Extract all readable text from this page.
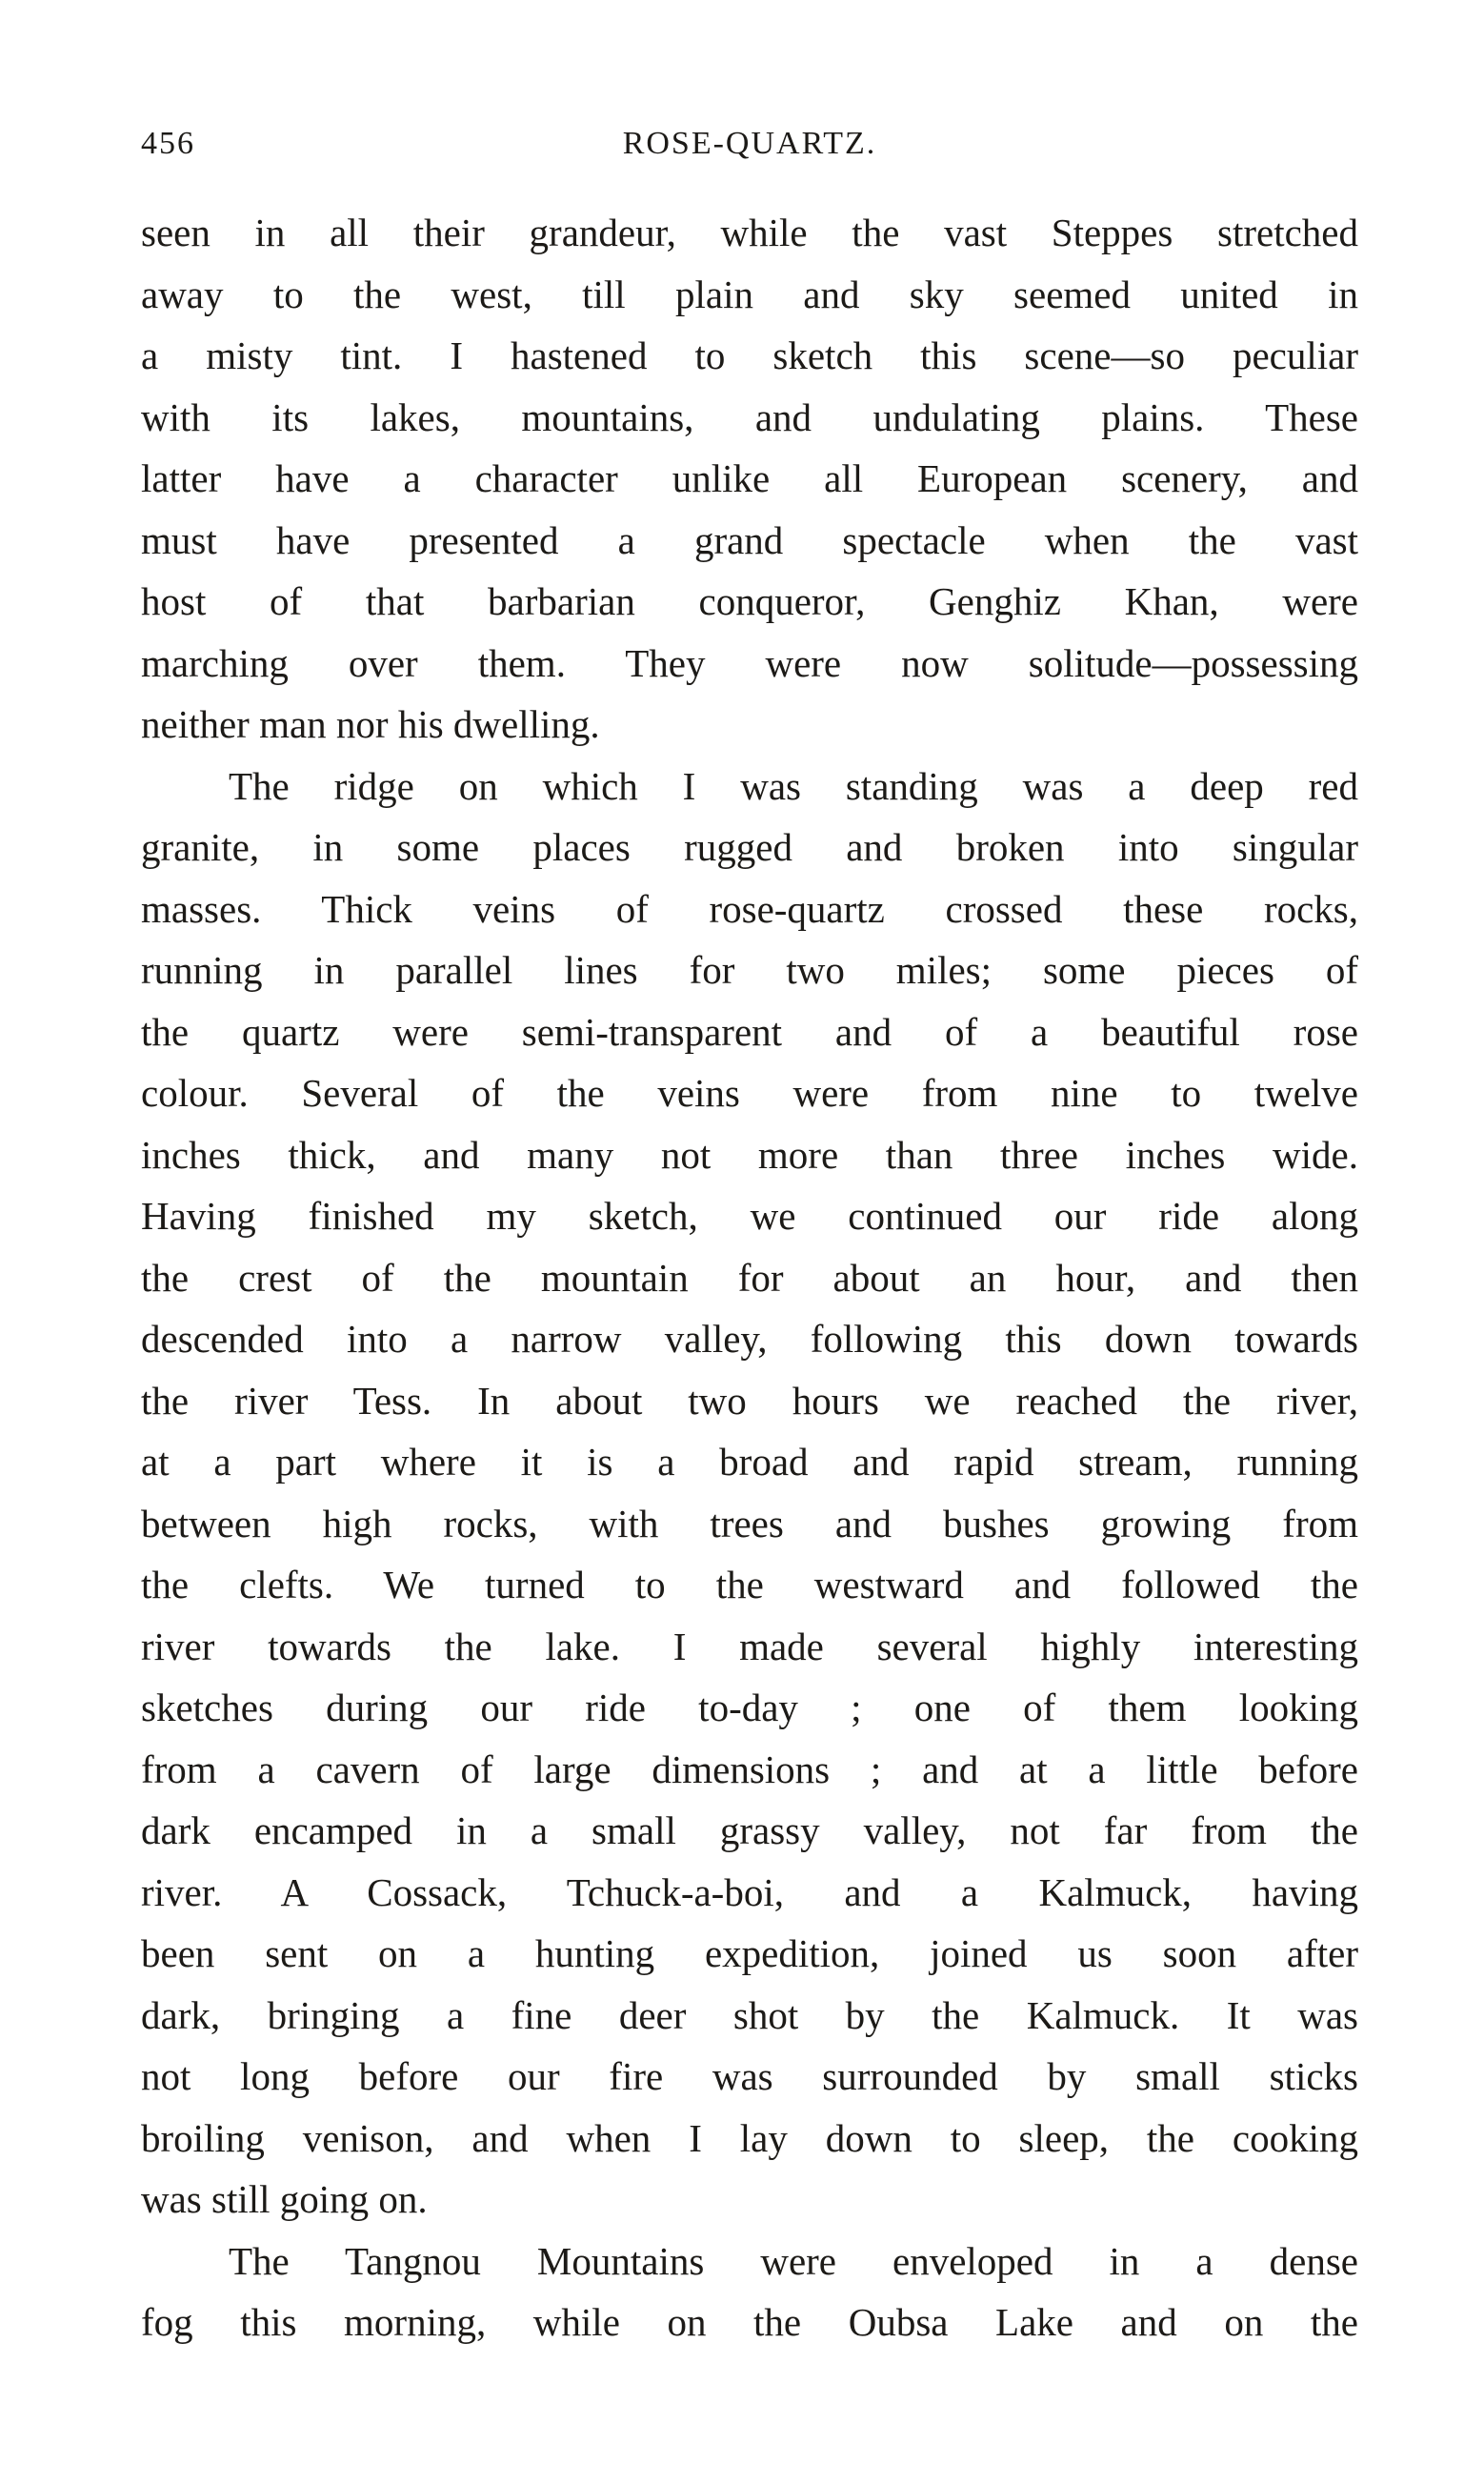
456	ROSE-QUARTZ.
seen in all their grandeur, while the vast Steppes stretched
away to the west, till plain and sky seemed united in
a misty tint. I hastened to sketch this scene—so peculiar
with its lakes, mountains, and undulating plains. These
latter have a character unlike all European scenery, and
must have presented a grand spectacle when the vast
host of that barbarian conqueror, Genghiz Khan, were
marching over them. They were now solitude—possessing
neither man nor his dwelling.
The ridge on which I was standing was a deep red
granite, in some places rugged and broken into singular
masses. Thick veins of rose-quartz crossed these rocks,
running in parallel lines for two miles; some pieces of
the quartz were semi-transparent and of a beautiful rose
colour. Several of the veins were from nine to twelve
inches thick, and many not more than three inches wide.
Having finished my sketch, we continued our ride along
the crest of the mountain for about an hour, and then
descended into a narrow valley, following this down towards
the river Tess. In about two hours we reached the river,
at a part where it is a broad and rapid stream, running
between high rocks, with trees and bushes growing from
the clefts. We turned to the westward and followed the
river towards the lake. I made several highly interesting
sketches during our ride to-day ; one of them looking
from a cavern of large dimensions ; and at a little before
dark encamped in a small grassy valley, not far from the
river. A Cossack, Tchuck-a-boi, and a Kalmuck, having
been sent on a hunting expedition, joined us soon after
dark, bringing a fine deer shot by the Kalmuck. It was
not long before our fire was surrounded by small sticks
broiling venison, and when I lay down to sleep, the cooking
was still going on.
The Tangnou Mountains were enveloped in a dense
fog this morning, while on the Oubsa Lake and on the
